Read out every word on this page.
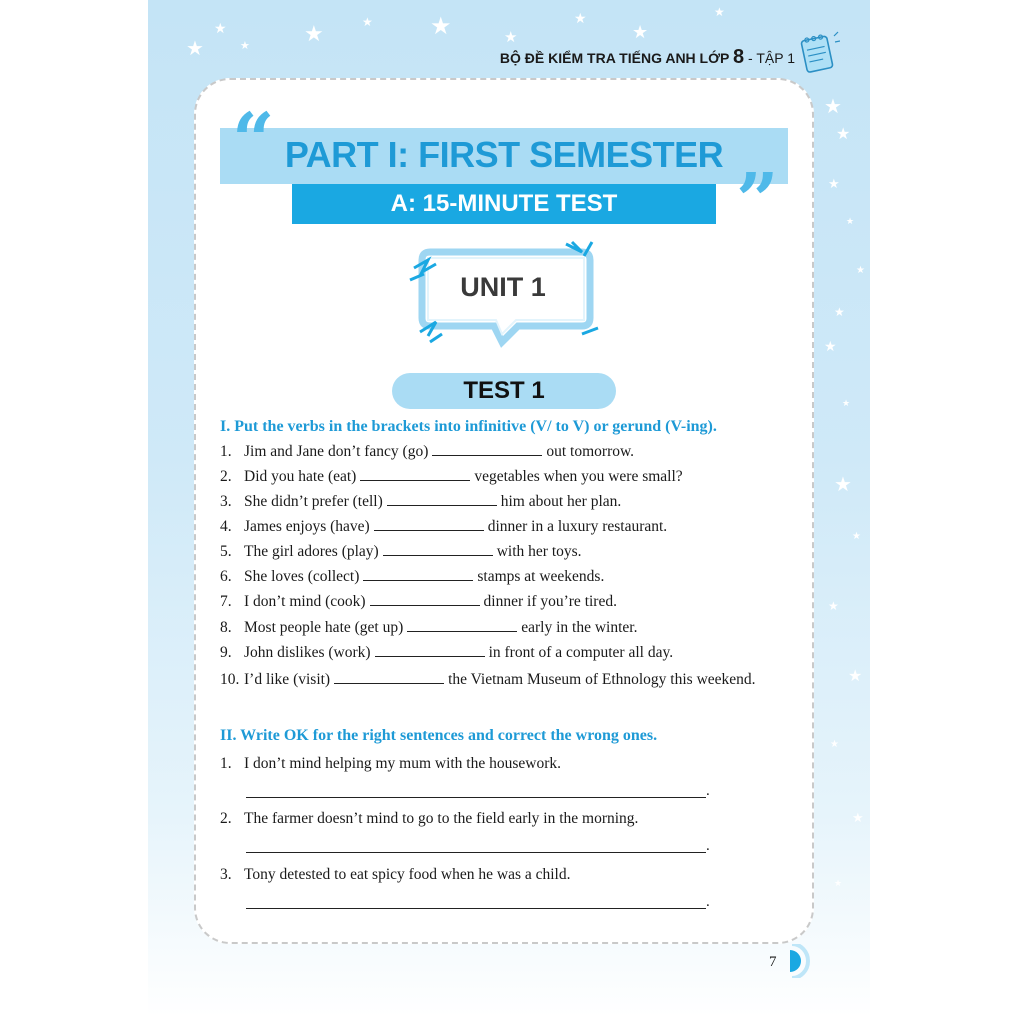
★
★
★ ★	★ ★	★
★
★
★
★
★
★
★
★
★
★
★
★
★
★
★
★
★
★
BỘ ĐỀ KIỂM TRA TIẾNG ANH LỚP 8 - TẬP 1
“ PART I: FIRST SEMESTER
A: 15-MINUTE TEST	”
UNIT 1
TEST 1
I. Put the verbs in the brackets into infinitive (V/ to V) or gerund (V-ing).
1. Jim and Jane don’t fancy (go)	out tomorrow.
2. Did you hate (eat)	vegetables when you were small?
3. She didn’t prefer (tell)	him about her plan.
4. James enjoys (have)	dinner in a luxury restaurant.
5. The girl adores (play)	with her toys.
6. She loves (collect)	stamps at weekends.
7. I don’t mind (cook)	dinner if you’re tired.
8. Most people hate (get up)	early in the winter.
9. John dislikes (work)	in front of a computer all day.
10. I’d like (visit)	the Vietnam Museum of Ethnology this weekend.
II. Write OK for the right sentences and correct the wrong ones.
1. I don’t mind helping my mum with the housework.
.
2. The farmer doesn’t mind to go to the field early in the morning.
.
3. Tony detested to eat spicy food when he was a child.
.
7
